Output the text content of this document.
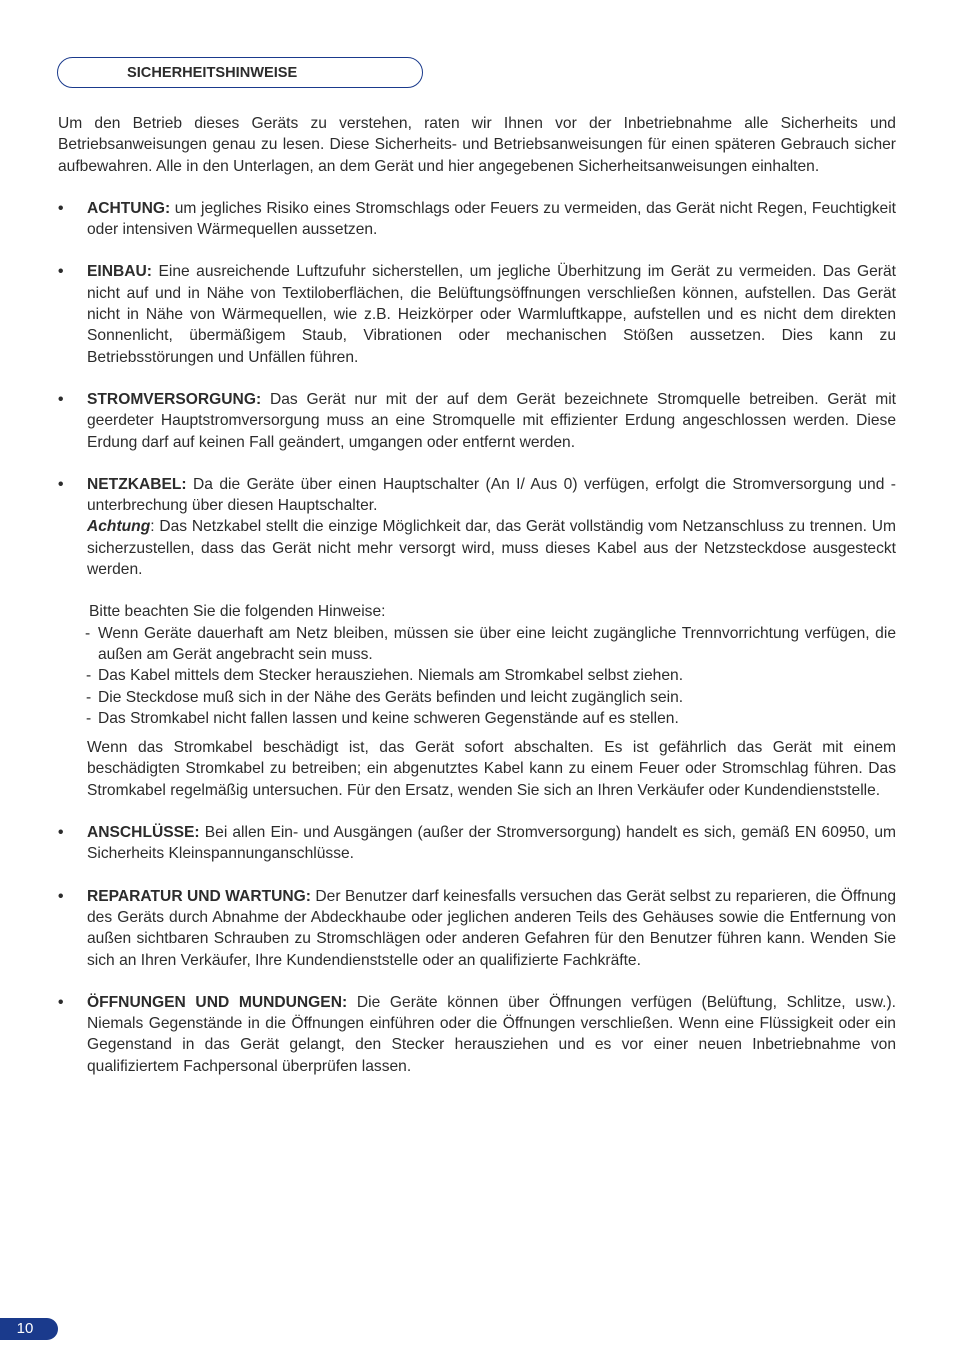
SICHERHEITSHINWEISE

Um den Betrieb dieses Geräts zu verstehen, raten wir Ihnen vor der Inbetriebnahme alle Sicherheits und Betriebsanweisungen genau zu lesen. Diese Sicherheits- und Betriebsanweisungen für einen späteren Gebrauch sicher aufbewahren. Alle in den Unterlagen, an dem Gerät und hier angegebenen Sicherheitsanweisungen einhalten.

• ACHTUNG: um jegliches Risiko eines Stromschlags oder Feuers zu vermeiden, das Gerät nicht Regen, Feuchtigkeit oder intensiven Wärmequellen aussetzen.

• EINBAU: Eine ausreichende Luftzufuhr sicherstellen, um jegliche Überhitzung im Gerät zu vermeiden. Das Gerät nicht auf und in Nähe von Textiloberflächen, die Belüftungsöffnungen verschließen können, aufstellen. Das Gerät nicht in Nähe von Wärmequellen, wie z.B. Heizkörper oder Warmluftkappe, aufstellen und es nicht dem direkten Sonnenlicht, übermäßigem Staub, Vibrationen oder mechanischen Stößen aussetzen. Dies kann zu Betriebsstörungen und Unfällen führen.

• STROMVERSORGUNG: Das Gerät nur mit der auf dem Gerät bezeichnete Stromquelle betreiben. Gerät mit geerdeter Hauptstromversorgung muss an eine Stromquelle mit effizienter Erdung angeschlossen werden. Diese Erdung darf auf keinen Fall geändert, umgangen oder entfernt werden.

• NETZKABEL: Da die Geräte über einen Hauptschalter (An I/ Aus 0) verfügen, erfolgt die Stromversorgung und -unterbrechung über diesen Hauptschalter.

Achtung: Das Netzkabel stellt die einzige Möglichkeit dar, das Gerät vollständig vom Netzanschluss zu trennen. Um sicherzustellen, dass das Gerät nicht mehr versorgt wird, muss dieses Kabel aus der Netzsteckdose ausgesteckt werden.

Bitte beachten Sie die folgenden Hinweise:

- Wenn Geräte dauerhaft am Netz bleiben, müssen sie über eine leicht zugängliche Trennvorrichtung verfügen, die außen am Gerät angebracht sein muss.

- Das Kabel mittels dem Stecker herausziehen. Niemals am Stromkabel selbst ziehen.

- Die Steckdose muß sich in der Nähe des Geräts befinden und leicht zugänglich sein.

- Das Stromkabel nicht fallen lassen und keine schweren Gegenstände auf es stellen.

Wenn das Stromkabel beschädigt ist, das Gerät sofort abschalten. Es ist gefährlich das Gerät mit einem beschädigten Stromkabel zu betreiben; ein abgenutztes Kabel kann zu einem Feuer oder Stromschlag führen. Das Stromkabel regelmäßig untersuchen. Für den Ersatz, wenden Sie sich an Ihren Verkäufer oder Kundendienststelle.

• ANSCHLÜSSE: Bei allen Ein- und Ausgängen (außer der Stromversorgung) handelt es sich, gemäß EN 60950, um Sicherheits Kleinspannunganschlüsse.

• REPARATUR UND WARTUNG: Der Benutzer darf keinesfalls versuchen das Gerät selbst zu reparieren, die Öffnung des Geräts durch Abnahme der Abdeckhaube oder jeglichen anderen Teils des Gehäuses sowie die Entfernung von außen sichtbaren Schrauben zu Stromschlägen oder anderen Gefahren für den Benutzer führen kann. Wenden Sie sich an Ihren Verkäufer, Ihre Kundendienststelle oder an qualifizierte Fachkräfte.

• ÖFFNUNGEN UND MUNDUNGEN: Die Geräte können über Öffnungen verfügen (Belüftung, Schlitze, usw.). Niemals Gegenstände in die Öffnungen einführen oder die Öffnungen verschließen. Wenn eine Flüssigkeit oder ein Gegenstand in das Gerät gelangt, den Stecker herausziehen und es vor einer neuen Inbetriebnahme von qualifiziertem Fachpersonal überprüfen lassen.

10
